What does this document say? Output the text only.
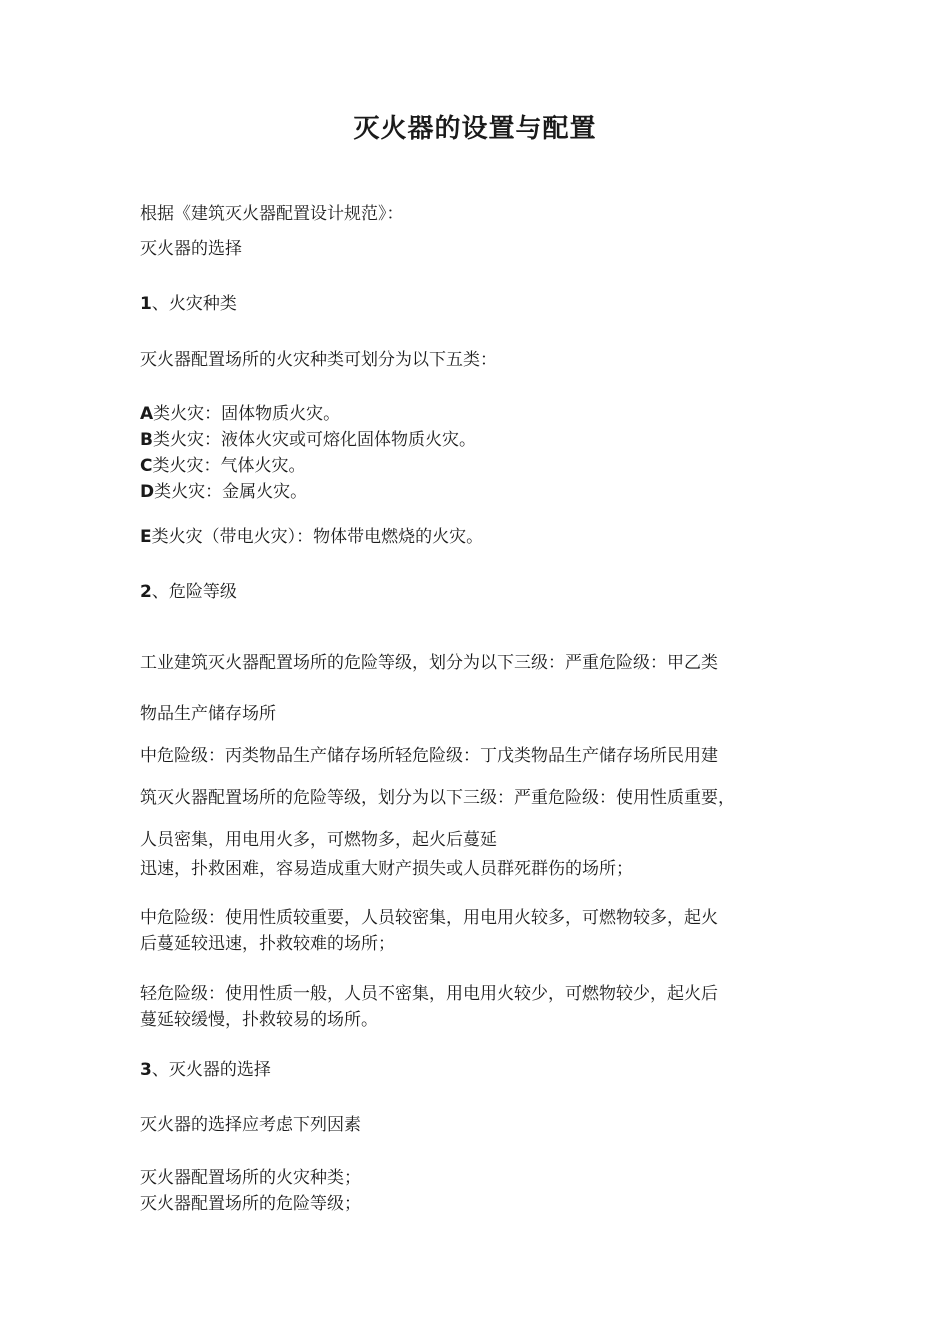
灭火器的设置与配置
根据《建筑灭火器配置设计规范》：
灭火器的选择
1、火灾种类
灭火器配置场所的火灾种类可划分为以下五类：
A类火灾：固体物质火灾。
B类火灾：液体火灾或可熔化固体物质火灾。
C类火灾：气体火灾。
D类火灾：金属火灾。
E类火灾（带电火灾）：物体带电燃烧的火灾。
2、危险等级
工业建筑灭火器配置场所的危险等级，划分为以下三级：严重危险级：甲乙类
物品生产储存场所
中危险级：丙类物品生产储存场所轻危险级：丁戊类物品生产储存场所民用建
筑灭火器配置场所的危险等级，划分为以下三级：严重危险级：使用性质重要，
人员密集，用电用火多，可燃物多，起火后蔓延
迅速，扑救困难，容易造成重大财产损失或人员群死群伤的场所；
中危险级：使用性质较重要，人员较密集，用电用火较多，可燃物较多，起火
后蔓延较迅速，扑救较难的场所；
轻危险级：使用性质一般，人员不密集，用电用火较少，可燃物较少，起火后
蔓延较缓慢，扑救较易的场所。
3、灭火器的选择
灭火器的选择应考虑下列因素
灭火器配置场所的火灾种类；
灭火器配置场所的危险等级；
